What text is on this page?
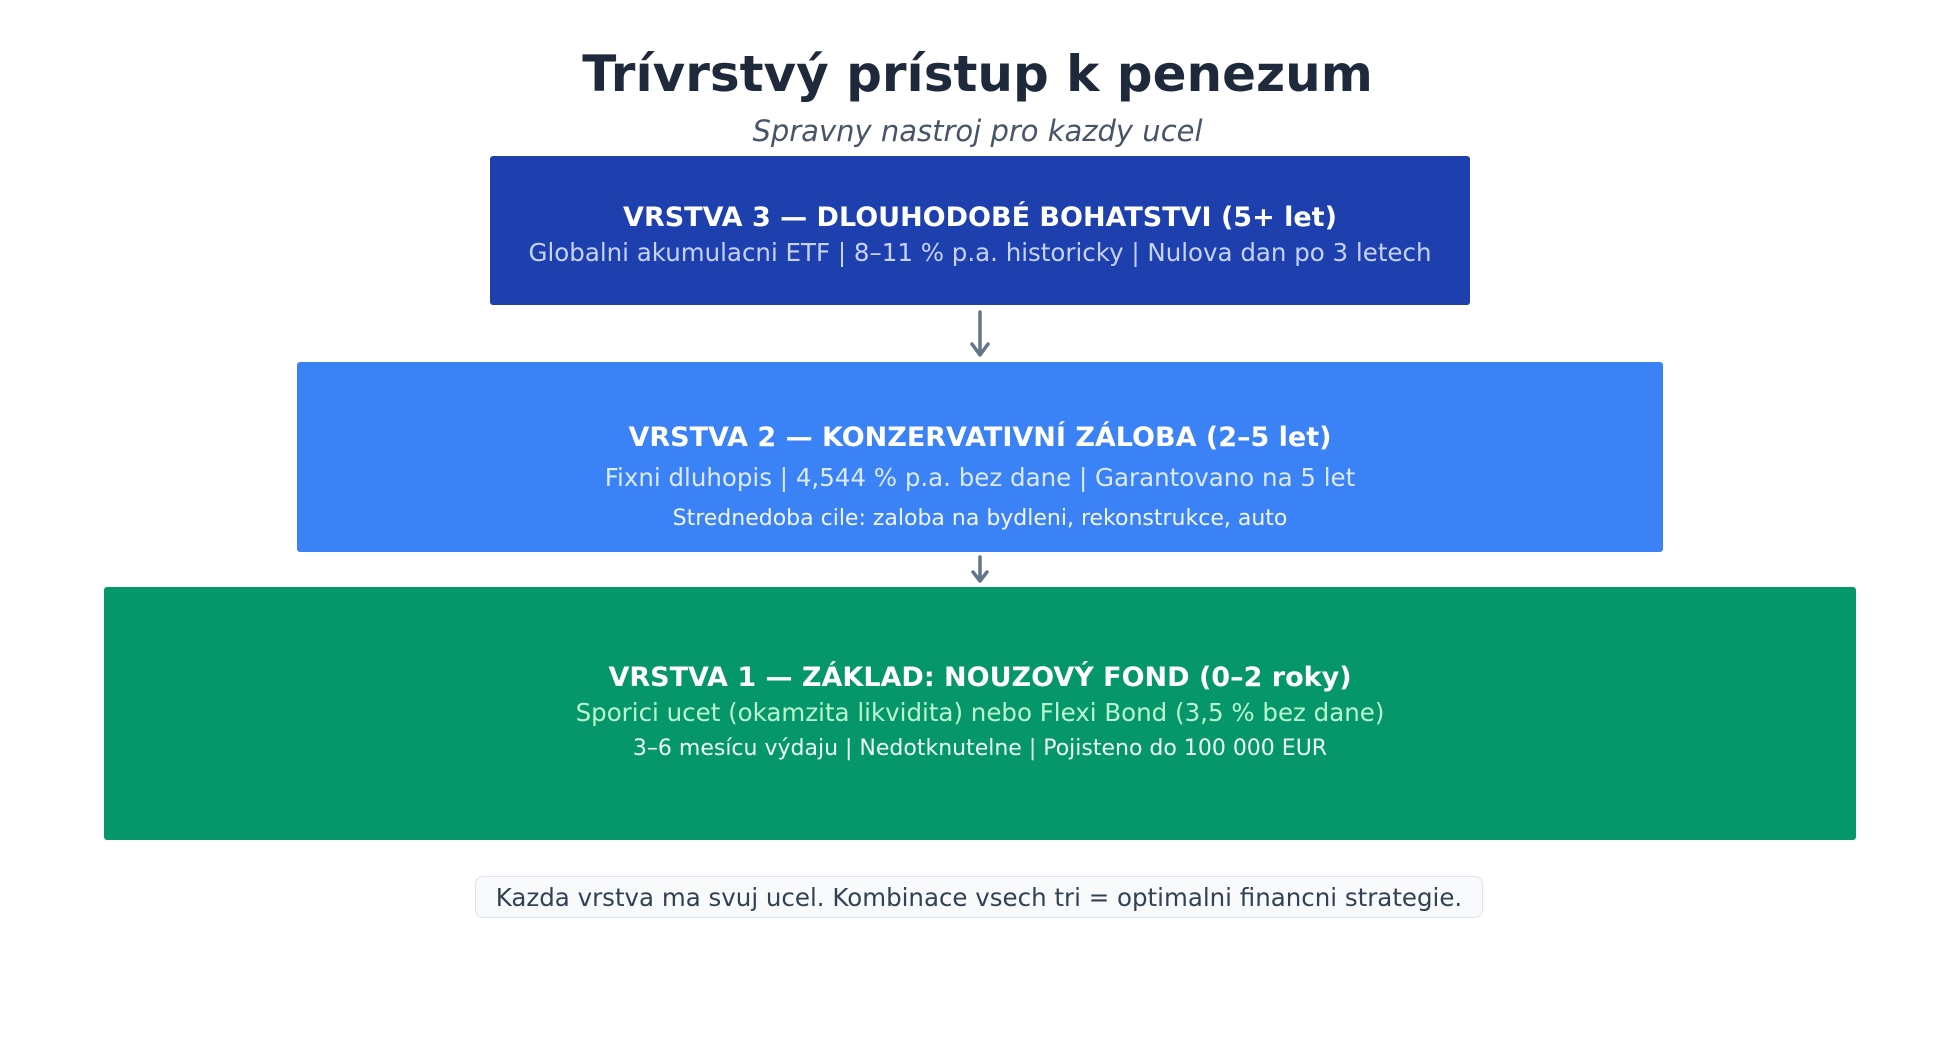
Trívrstvý prístup k penezum
Spravny nastroj pro kazdy ucel
VRSTVA 3 — DLOUHODOBÉ BOHATSTVI (5+ let)
Globalni akumulacni ETF | 8–11 % p.a. historicky | Nulova dan po 3 letech
VRSTVA 2 — KONZERVATIVNÍ ZÁLOBA (2–5 let)
Fixni dluhopis | 4,544 % p.a. bez dane | Garantovano na 5 let
Strednedoba cile: zaloba na bydleni, rekonstrukce, auto
VRSTVA 1 — ZÁKLAD: NOUZOVÝ FOND (0–2 roky)
Sporici ucet (okamzita likvidita) nebo Flexi Bond (3,5 % bez dane)
3–6 mesícu výdaju | Nedotknutelne | Pojisteno do 100 000 EUR
Kazda vrstva ma svuj ucel. Kombinace vsech tri = optimalni financni strategie.
